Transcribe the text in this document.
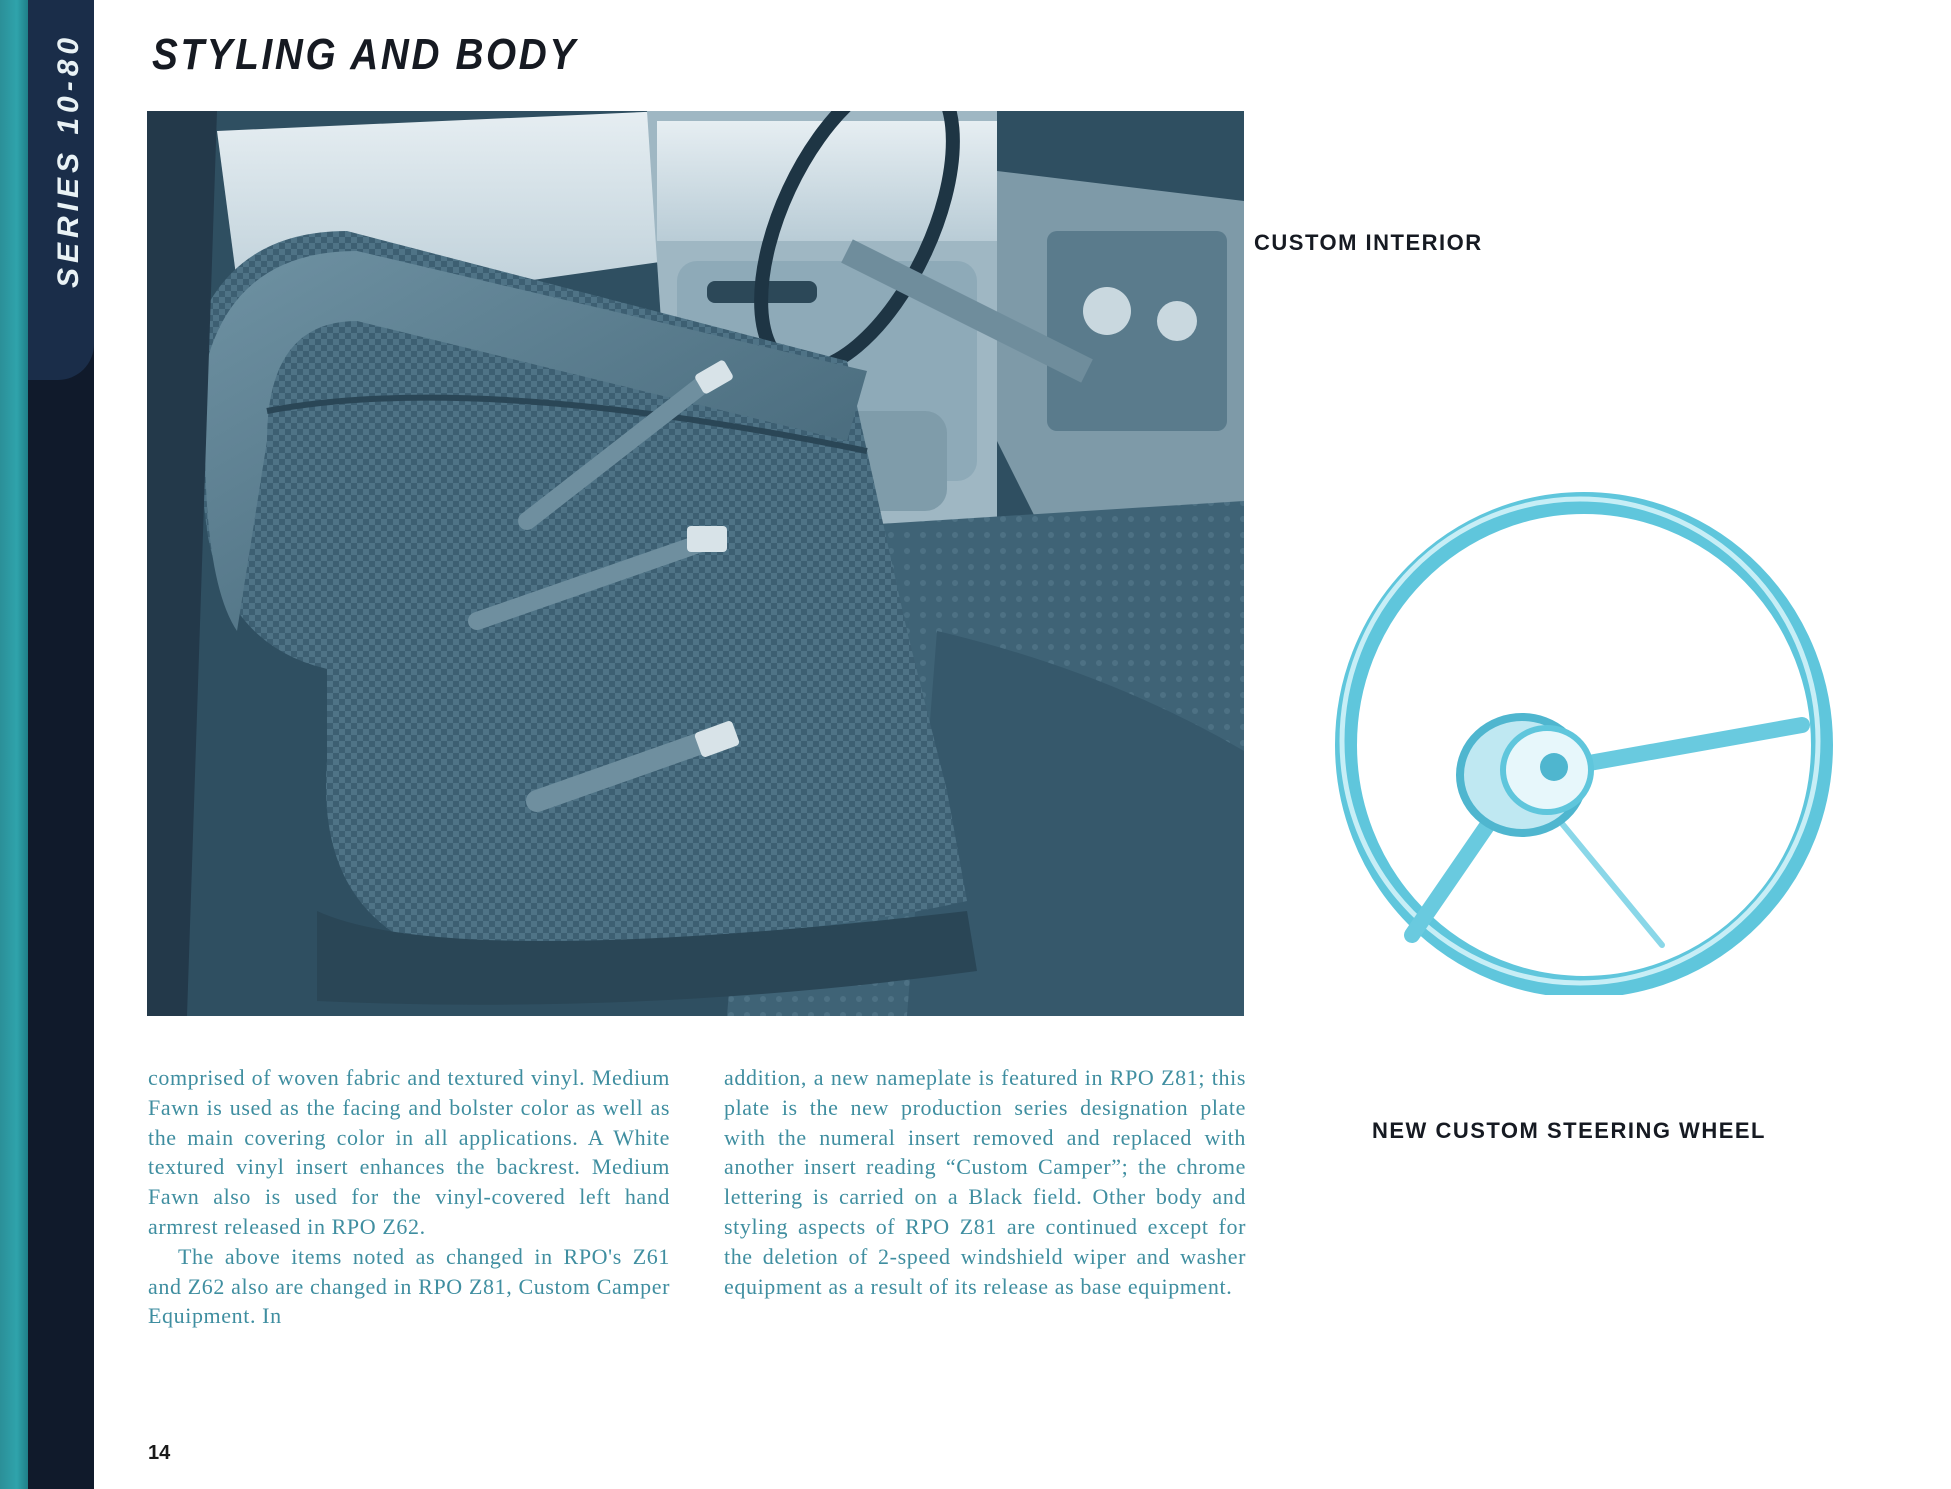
SERIES 10-80 STYLING AND BODY

CUSTOM INTERIOR

NEW CUSTOM STEERING WHEEL

comprised of woven fabric and textured vinyl. Medium Fawn is used as the facing and bolster color as well as the main covering color in all applications. A White textured vinyl insert enhances the backrest. Medium Fawn also is used for the vinyl-covered left hand armrest released in RPO Z62.

The above items noted as changed in RPO's Z61 and Z62 also are changed in RPO Z81, Custom Camper Equipment. In

addition, a new nameplate is featured in RPO Z81; this plate is the new production series designation plate with the numeral insert removed and replaced with another insert reading “Custom Camper”; the chrome lettering is carried on a Black field. Other body and styling aspects of RPO Z81 are continued except for the deletion of 2-speed windshield wiper and washer equipment as a result of its release as base equipment.

14
